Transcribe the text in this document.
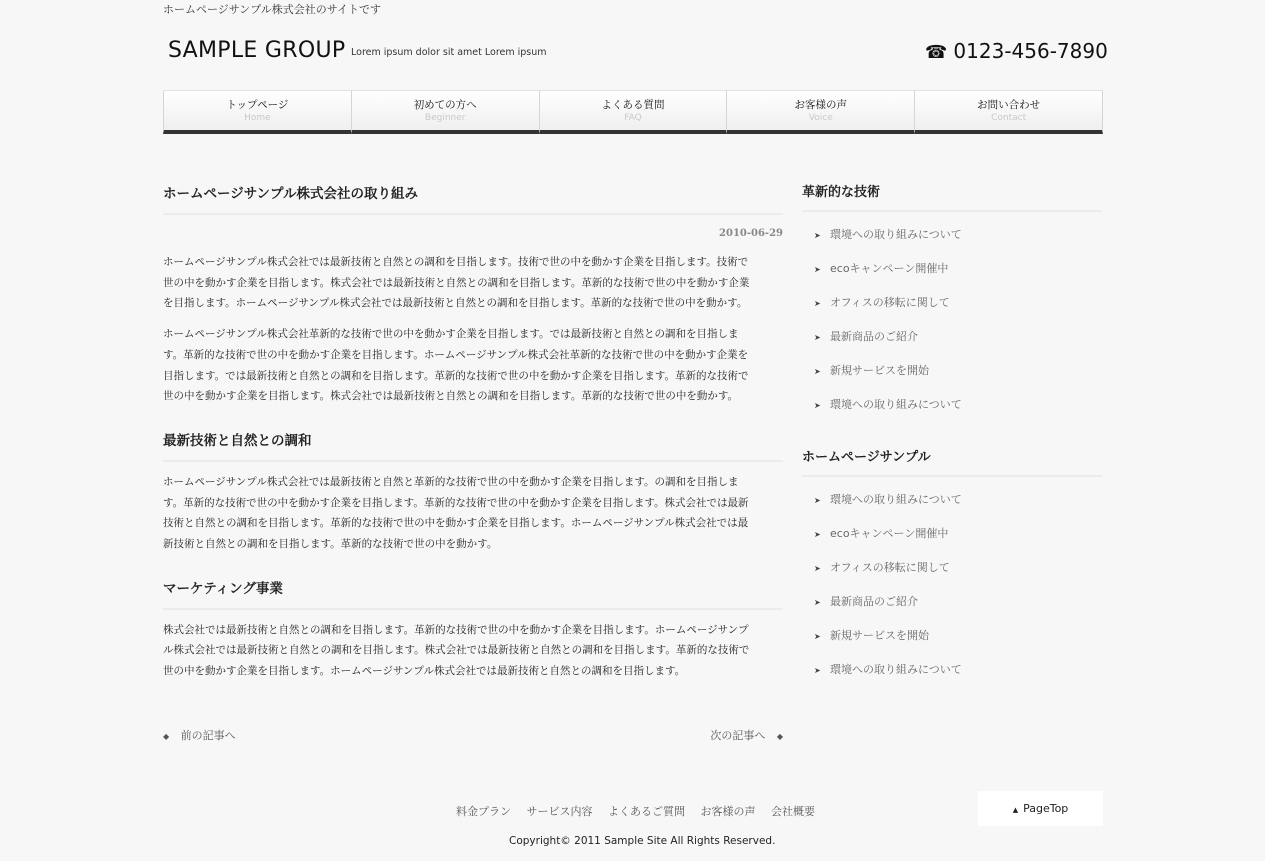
ホームページサンプル株式会社のサイトです
SAMPLE GROUP Lorem ipsum dolor sit amet Lorem ipsum	☎ 0123-456-7890
トップページ
Home
初めての方へ
Beginner
よくある質問
FAQ
お客様の声
Voice
お問い合わせ
Contact
ホームページサンプル株式会社の取り組み
2010-06-29
ホームページサンプル株式会社では最新技術と自然との調和を目指します。技術で世の中を動かす企業を目指します。技術で
世の中を動かす企業を目指します。株式会社では最新技術と自然との調和を目指します。革新的な技術で世の中を動かす企業
を目指します。ホームページサンプル株式会社では最新技術と自然との調和を目指します。革新的な技術で世の中を動かす。
ホームページサンプル株式会社革新的な技術で世の中を動かす企業を目指します。では最新技術と自然との調和を目指しま
す。革新的な技術で世の中を動かす企業を目指します。ホームページサンプル株式会社革新的な技術で世の中を動かす企業を
目指します。では最新技術と自然との調和を目指します。革新的な技術で世の中を動かす企業を目指します。革新的な技術で
世の中を動かす企業を目指します。株式会社では最新技術と自然との調和を目指します。革新的な技術で世の中を動かす。
最新技術と自然との調和
ホームページサンプル株式会社では最新技術と自然と革新的な技術で世の中を動かす企業を目指します。の調和を目指しま
す。革新的な技術で世の中を動かす企業を目指します。革新的な技術で世の中を動かす企業を目指します。株式会社では最新
技術と自然との調和を目指します。革新的な技術で世の中を動かす企業を目指します。ホームページサンプル株式会社では最
新技術と自然との調和を目指します。革新的な技術で世の中を動かす。
マーケティング事業
株式会社では最新技術と自然との調和を目指します。革新的な技術で世の中を動かす企業を目指します。ホームページサンプ
ル株式会社では最新技術と自然との調和を目指します。株式会社では最新技術と自然との調和を目指します。革新的な技術で
世の中を動かす企業を目指します。ホームページサンプル株式会社では最新技術と自然との調和を目指します。
◆ 前の記事へ	次の記事へ ◆
革新的な技術
➤ 環境への取り組みについて
➤ ecoキャンペーン開催中
➤ オフィスの移転に関して
➤ 最新商品のご紹介
➤ 新規サービスを開始
➤ 環境への取り組みについて
ホームページサンプル
➤ 環境への取り組みについて
➤ ecoキャンペーン開催中
➤ オフィスの移転に関して
➤ 最新商品のご紹介
➤ 新規サービスを開始
➤ 環境への取り組みについて
料金プラン サービス内容 よくあるご質問 お客様の声 会社概要
Copyright© 2011 Sample Site All Rights Reserved.
▲ PageTop
